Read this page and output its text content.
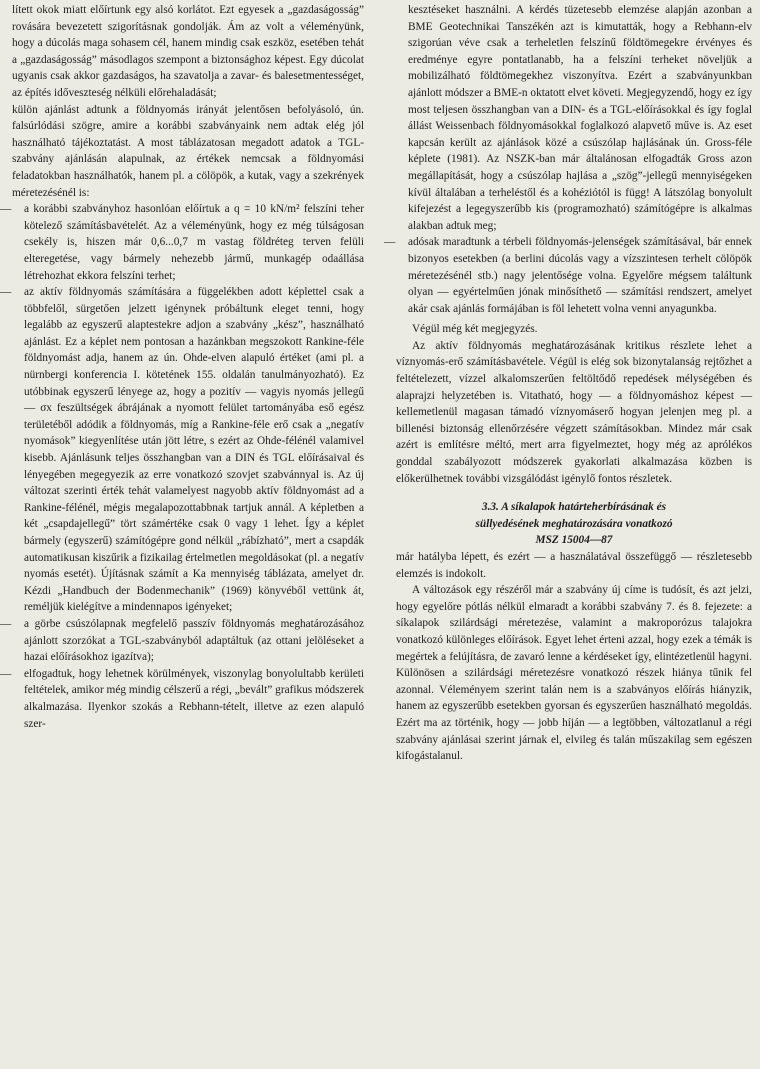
lített okok miatt előírtunk egy alsó korlátot. Ezt egyesek a „gazdaságosság” rovására bevezetett szigorításnak gondolják. Ám az volt a véleményünk, hogy a dúcolás maga sohasem cél, hanem mindig csak eszköz, esetében tehát a „gazdaságosság” másodlagos szempont a biztonsághoz képest. Egy dúcolat ugyanis csak akkor gazdaságos, ha szavatolja a zavar- és balesetmentességet, az építés időveszteség nélküli előrehaladását;

külön ajánlást adtunk a földnyomás irányát jelentősen befolyásoló, ún. falsúrlódási szögre, amire a korábbi szabványaink nem adtak elég jól használható tájékoztatást. A most táblázatosan megadott adatok a TGL-szabvány ajánlásán alapulnak, az értékek nemcsak a földnyomási feladatokban használhatók, hanem pl. a cölöpök, a kutak, vagy a szekrények méretezésénél is:

— a korábbi szabványhoz hasonlóan előírtuk a q = 10 kN/m² felszíni teher kötelező számításbavételét. Az a véleményünk, hogy ez még túlságosan csekély is, hiszen már 0,6...0,7 m vastag földréteg terven felüli elteregetése, vagy bármely nehezebb jármű, munkagép odaállása létrehozhat ekkora felszíni terhet;
— az aktív földnyomás számítására a függelékben adott képlettel csak a többfelől, sürgetően jelzett igénynek próbáltunk eleget tenni, hogy legalább az egyszerű alaptestekre adjon a szabvány „kész”, használható ajánlást. Ez a képlet nem pontosan a hazánkban megszokott Rankine-féle földnyomást adja, hanem az ún. Ohde-elven alapuló értéket (ami pl. a nürnbergi konferencia I. kötetének 155. oldalán tanulmányozható). Ez utóbbinak egyszerű lényege az, hogy a pozitív — vagyis nyomás jellegű — σx feszültségek ábrájának a nyomott felület tartományába eső egész területéből adódik a földnyomás, míg a Rankine-féle erő csak a „negatív nyomások” kiegyenlítése után jött létre, s ezért az Ohde-félénél valamivel kisebb. Ajánlásunk teljes összhangban van a DIN és TGL előírásaival és lényegében megegyezik az erre vonatkozó szovjet szabvánnyal is. Az új változat szerinti érték tehát valamelyest nagyobb aktív földnyomást ad a Rankine-félénél, mégis megalapozottabbnak tartjuk annál. A képletben a két „csapdajellegű” tört számértéke csak 0 vagy 1 lehet. Így a képlet bármely (egyszerű) számítógépre gond nélkül „rábízható”, mert a csapdák automatikusan kiszűrik a fizikailag értelmetlen megoldásokat (pl. a negatív nyomás esetét). Újításnak számít a Ka mennyiség táblázata, amelyet dr. Kézdi „Handbuch der Bodenmechanik” (1969) könyvéből vettünk át, reméljük kielégítve a mindennapos igényeket;
— a görbe csúszólapnak megfelelő passzív földnyomás meghatározásához ajánlott szorzókat a TGL-szabványból adaptáltuk (az ottani jelöléseket a hazai előírásokhoz igazítva);
— elfogadtuk, hogy lehetnek körülmények, viszonylag bonyolultabb kerületi feltételek, amikor még mindig célszerű a régi, „bevált” grafikus módszerek alkalmazása. Ilyenkor szokás a Rebhann-tételt, illetve az ezen alapuló szer-
kesztéseket használni. A kérdés tüzetesebb elemzése alapján azonban a BME Geotechnikai Tanszékén azt is kimutatták, hogy a Rebhann-elv szigorúan véve csak a terheletlen felszínű földtömegekre érvényes és eredménye egyre pontatlanabb, ha a felszíni terheket növeljük a mobilizálható földtömegekhez viszonyítva. Ezért a szabványunkban ajánlott módszer a BME-n oktatott elvet követi. Megjegyzendő, hogy ez így most teljesen összhangban van a DIN- és a TGL-előírásokkal és így foglal állást Weissenbach földnyomásokkal foglalkozó alapvető műve is. Az eset kapcsán került az ajánlások közé a csúszólap hajlásának ún. Gross-féle képlete (1981). Az NSZK-ban már általánosan elfogadták Gross azon megállapítását, hogy a csúszólap hajlása a „szög”-jellegű mennyiségeken kívül általában a terheléstől és a kohéziótól is függ! A látszólag bonyolult kifejezést a legegyszerűbb kis (programozható) számítógépre is alkalmas alakban adtuk meg;
— adósak maradtunk a térbeli földnyomás-jelenségek számításával, bár ennek bizonyos esetekben (a berlini dúcolás vagy a vízszintesen terhelt cölöpök méretezésénél stb.) nagy jelentősége volna. Egyelőre mégsem találtunk olyan — egyértelműen jónak minősíthető — számítási rendszert, amelyet akár csak ajánlás formájában is föl lehetett volna venni anyagunkba.

Végül még két megjegyzés.

Az aktív földnyomás meghatározásának kritikus részlete lehet a víznyomás-erő számításbavétele. Végül is elég sok bizonytalanság rejtőzhet a feltételezett, vízzel alkalomszerűen feltöltődő repedések mélységében és alaprajzi helyzetében is. Vitatható, hogy — a földnyomáshoz képest — kellemetlenül magasan támadó víznyomáserő hogyan jelenjen meg pl. a billenési biztonság ellenőrzésére végzett számításokban. Mindez már csak azért is említésre méltó, mert arra figyelmeztet, hogy még az aprólékos gonddal szabályozott módszerek gyakorlati alkalmazása közben is előkerülhetnek további vizsgálódást igénylő fontos részletek.

3.3. A síkalapok határteherbírásának és
süllyedésének meghatározására vonatkozó
MSZ 15004—87

már hatályba lépett, és ezért — a használatával összefüggő — részletesebb elemzés is indokolt.

A változások egy részéről már a szabvány új címe is tudósít, és azt jelzi, hogy egyelőre pótlás nélkül elmaradt a korábbi szabvány 7. és 8. fejezete: a síkalapok szilárdsági méretezése, valamint a makroporózus talajokra vonatkozó különleges előírások. Egyet lehet érteni azzal, hogy ezek a témák is megértek a felújításra, de zavaró lenne a kérdéseket így, elintézetlenül hagyni. Különösen a szilárdsági méretezésre vonatkozó részek hiánya tűnik fel azonnal. Véleményem szerint talán nem is a szabványos előírás hiányzik, hanem az egyszerűbb esetekben gyorsan és egyszerűen használható megoldás. Ezért ma az történik, hogy — jobb híján — a legtöbben, változatlanul a régi szabvány ajánlásai szerint járnak el, elvileg és talán műszakilag sem egészen kifogástalanul.
